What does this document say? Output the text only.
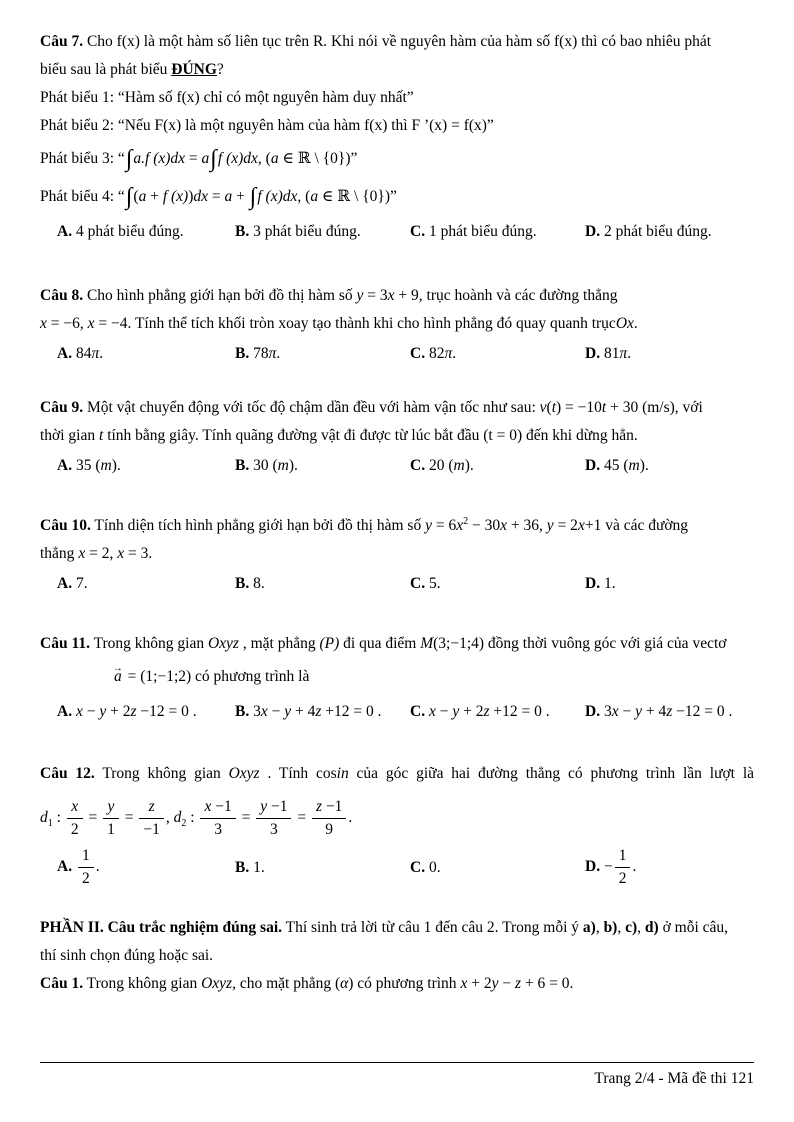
Câu 7. Cho f(x) là một hàm số liên tục trên R. Khi nói về nguyên hàm của hàm số f(x) thì có bao nhiêu phát
biểu sau là phát biểu ĐÚNG?
Phát biểu 1: “Hàm số f(x) chỉ có một nguyên hàm duy nhất”
Phát biểu 2: “Nếu F(x) là một nguyên hàm của hàm f(x) thì F ’(x) = f(x)”
Phát biểu 3: “∫a.f (x)dx = a∫f (x)dx, (a ∈ ℝ \ {0})”
Phát biểu 4: “∫(a + f (x))dx = a + ∫f (x)dx, (a ∈ ℝ \ {0})”
A. 4 phát biểu đúng.	B. 3 phát biểu đúng.	C. 1 phát biểu đúng.	D. 2 phát biểu đúng.
Câu 8. Cho hình phẳng giới hạn bởi đồ thị hàm số y = 3x + 9, trục hoành và các đường thẳng
x = −6, x = −4. Tính thể tích khối tròn xoay tạo thành khi cho hình phẳng đó quay quanh trụcOx.
A. 84π.	B. 78π.	C. 82π.	D. 81π.
Câu 9. Một vật chuyển động với tốc độ chậm dần đều với hàm vận tốc như sau: v(t) = −10t + 30 (m/s), với
thời gian t tính bằng giây. Tính quãng đường vật đi được từ lúc bắt đầu (t = 0) đến khi dừng hẳn.
A. 35 (m).	B. 30 (m).	C. 20 (m).	D. 45 (m).
Câu 10. Tính diện tích hình phẳng giới hạn bởi đồ thị hàm số $y = 6x^2 - 30x + 36$, y = 2x+1 và các đường
thẳng x = 2, x = 3.
A. 7.	B. 8.	C. 5.	D. 1.
Câu 11. Trong không gian Oxyz , mặt phẳng (P) đi qua điểm M(3;−1;4) đồng thời vuông góc với giá của vectơ
a → = (1;−1;2) có phương trình là
A. x − y + 2z −12 = 0 .	B. 3x − y + 4z +12 = 0 .	C. x − y + 2z +12 = 0 .	D. 3x − y + 4z −12 = 0 .
Câu 12. Trong không gian Oxyz . Tính cosin của góc giữa hai đường thẳng có phương trình lần lượt là
$d_1$ : $\frac{x}{2} = \frac{y}{1} = \frac{z}{-1}$ , $d_2$ : $\frac{x -1}{3} = \frac{y -1}{3} = \frac{z -1}{9}$ .
A. $\frac{1}{2}$ .	B. 1.	C. 0.	D. − $\frac{1}{2}$ .
PHẦN II. Câu trắc nghiệm đúng sai. Thí sinh trả lời từ câu 1 đến câu 2. Trong mỗi ý a), b), c), d) ở mỗi câu,
thí sinh chọn đúng hoặc sai.
Câu 1. Trong không gian Oxyz, cho mặt phẳng (α) có phương trình x + 2y − z + 6 = 0.
Trang 2/4 - Mã đề thi 121
